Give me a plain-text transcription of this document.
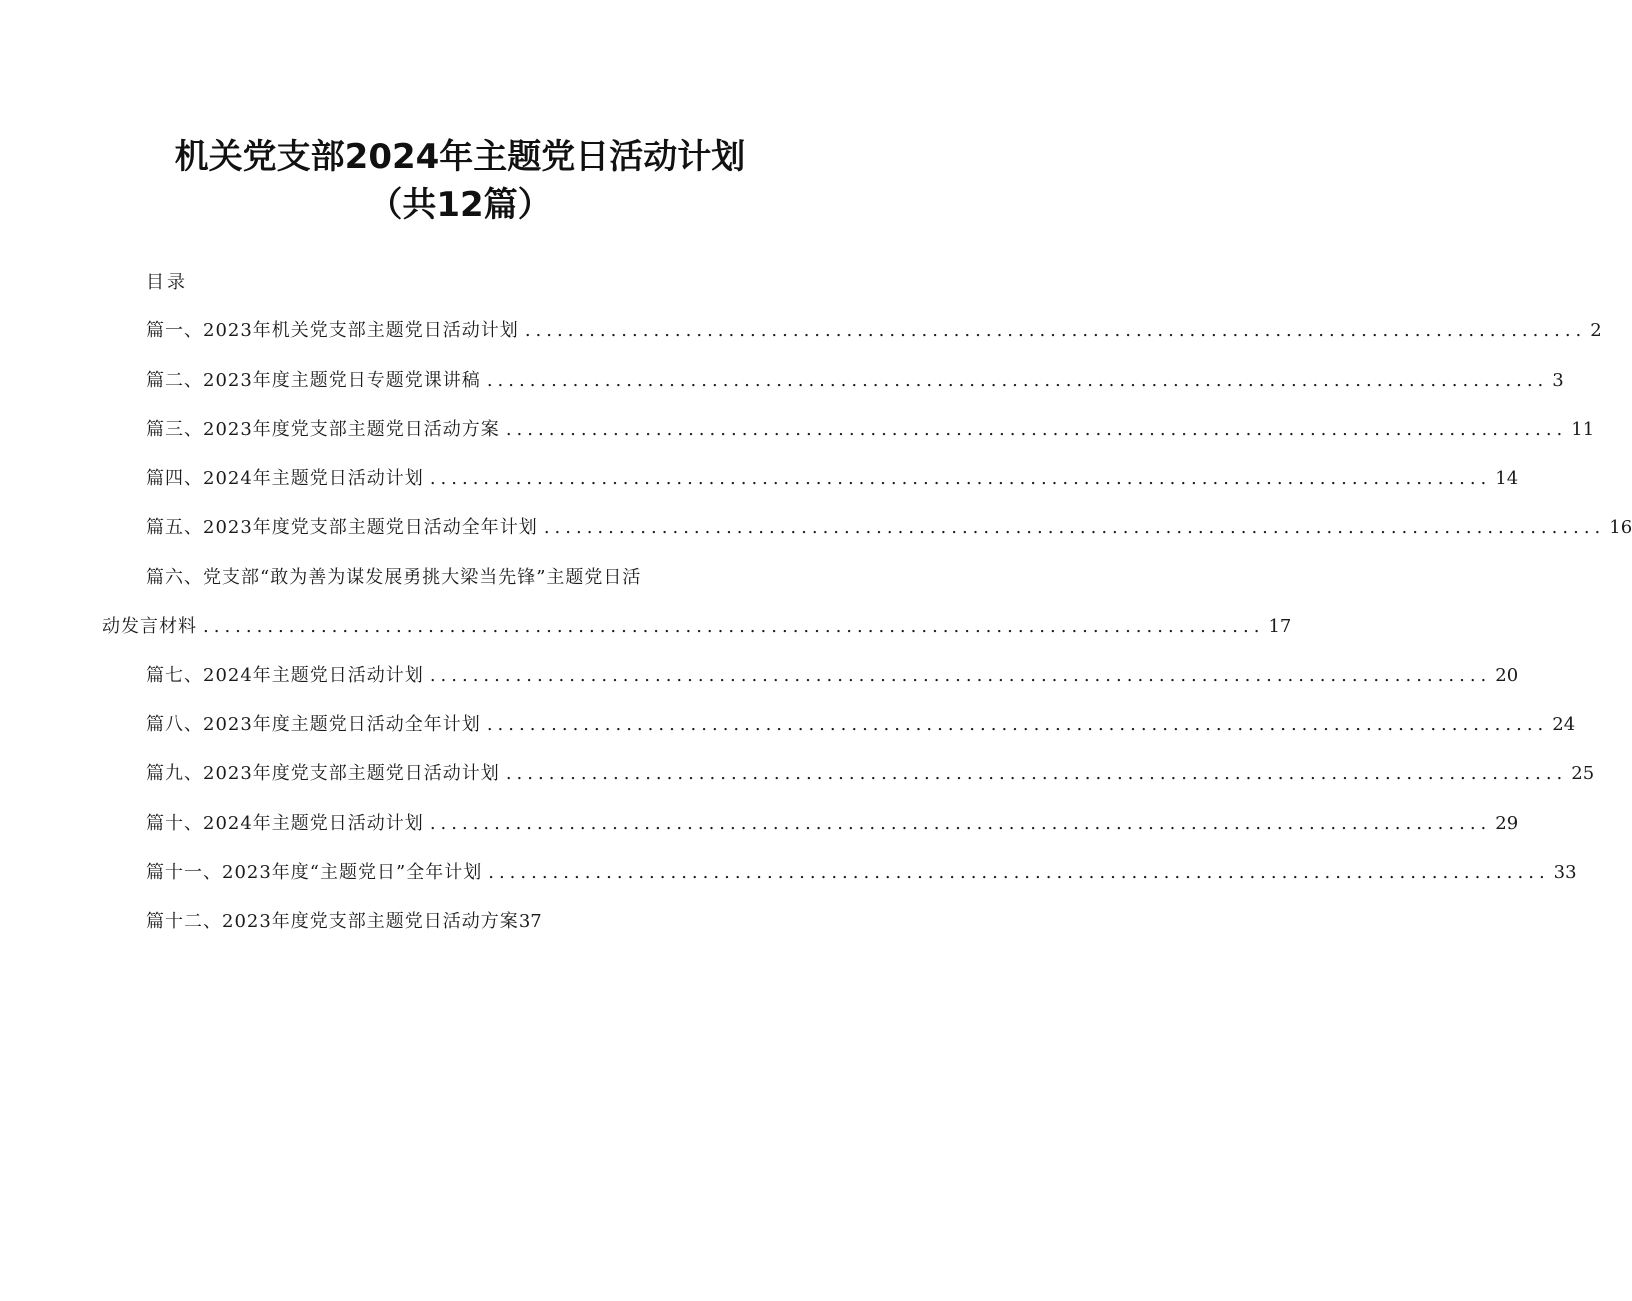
机关党支部2024年主题党日活动计划（共12篇）
目录
篇一、2023年机关党支部主题党日活动计划 ................................................................................................... 2
篇二、2023年度主题党日专题党课讲稿 ................................................................................................... 3
篇三、2023年度党支部主题党日活动方案 ................................................................................................... 11
篇四、2024年主题党日活动计划 ................................................................................................... 14
篇五、2023年度党支部主题党日活动全年计划 ................................................................................................... 16
篇六、党支部“敢为善为谋发展勇挑大梁当先锋”主题党日活
动发言材料 ................................................................................................... 17
篇七、2024年主题党日活动计划 ................................................................................................... 20
篇八、2023年度主题党日活动全年计划 ................................................................................................... 24
篇九、2023年度党支部主题党日活动计划 ................................................................................................... 25
篇十、2024年主题党日活动计划 ................................................................................................... 29
篇十一、2023年度“主题党日”全年计划 ................................................................................................... 33
篇十二、2023年度党支部主题党日活动方案 37
